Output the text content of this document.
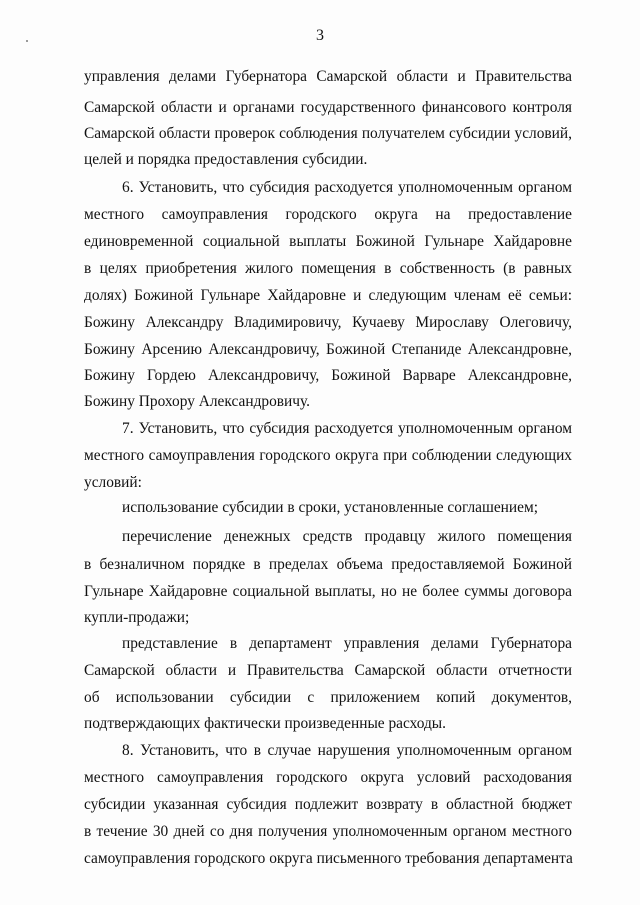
3
управления делами Губернатора Самарской области и Правительства
Самарской области и органами государственного финансового контроля
Самарской области проверок соблюдения получателем субсидии условий,
целей и порядка предоставления субсидии.
6. Установить, что субсидия расходуется уполномоченным органом
местного самоуправления городского округа на предоставление
единовременной социальной выплаты Божиной Гульнаре Хайдаровне
в целях приобретения жилого помещения в собственность (в равных
долях) Божиной Гульнаре Хайдаровне и следующим членам её семьи:
Божину Александру Владимировичу, Кучаеву Мирославу Олеговичу,
Божину Арсению Александровичу, Божиной Степаниде Александровне,
Божину Гордею Александровичу, Божиной Варваре Александровне,
Божину Прохору Александровичу.
7. Установить, что субсидия расходуется уполномоченным органом
местного самоуправления городского округа при соблюдении следующих
условий:
использование субсидии в сроки, установленные соглашением;
перечисление денежных средств продавцу жилого помещения
в безналичном порядке в пределах объема предоставляемой Божиной
Гульнаре Хайдаровне социальной выплаты, но не более суммы договора
купли-продажи;
представление в департамент управления делами Губернатора
Самарской области и Правительства Самарской области отчетности
об использовании субсидии с приложением копий документов,
подтверждающих фактически произведенные расходы.
8. Установить, что в случае нарушения уполномоченным органом
местного самоуправления городского округа условий расходования
субсидии указанная субсидия подлежит возврату в областной бюджет
в течение 30 дней со дня получения уполномоченным органом местного
самоуправления городского округа письменного требования департамента
